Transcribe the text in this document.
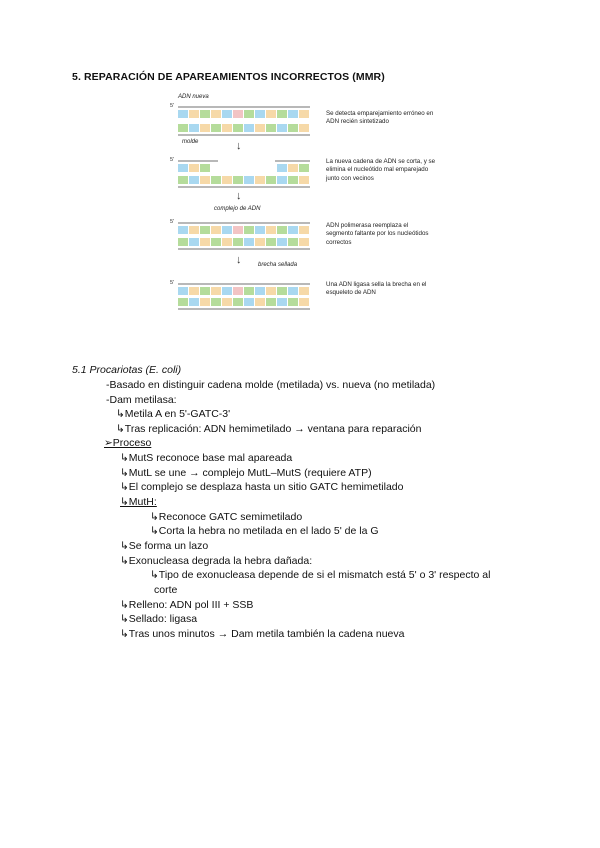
5. REPARACIÓN DE APAREAMIENTOS INCORRECTOS (MMR)
ADN nueva
5'
molde
Se detecta emparejamiento erróneo en ADN recién sintetizado
↓
5'	La nueva cadena de ADN se corta, y se elimina el nucleótido mal emparejado junto con vecinos
↓
complejo de ADN
5'	ADN polimerasa reemplaza el segmento faltante por los nucleótidos correctos
↓	brecha sellada
5'	Una ADN ligasa sella la brecha en el esqueleto de ADN
5.1 Procariotas (E. coli)
-Basado en distinguir cadena molde (metilada) vs. nueva (no metilada)
-Dam metilasa:
↳Metila A en 5'-GATC-3'
↳Tras replicación: ADN hemimetilado → ventana para reparación
➢Proceso
↳MutS reconoce base mal apareada
↳MutL se une → complejo MutL–MutS (requiere ATP)
↳El complejo se desplaza hasta un sitio GATC hemimetilado
↳MutH:
↳Reconoce GATC semimetilado
↳Corta la hebra no metilada en el lado 5' de la G
↳Se forma un lazo
↳Exonucleasa degrada la hebra dañada:
↳Tipo de exonucleasa depende de si el mismatch está 5' o 3' respecto al
corte
↳Relleno: ADN pol III + SSB
↳Sellado: ligasa
↳Tras unos minutos → Dam metila también la cadena nueva
